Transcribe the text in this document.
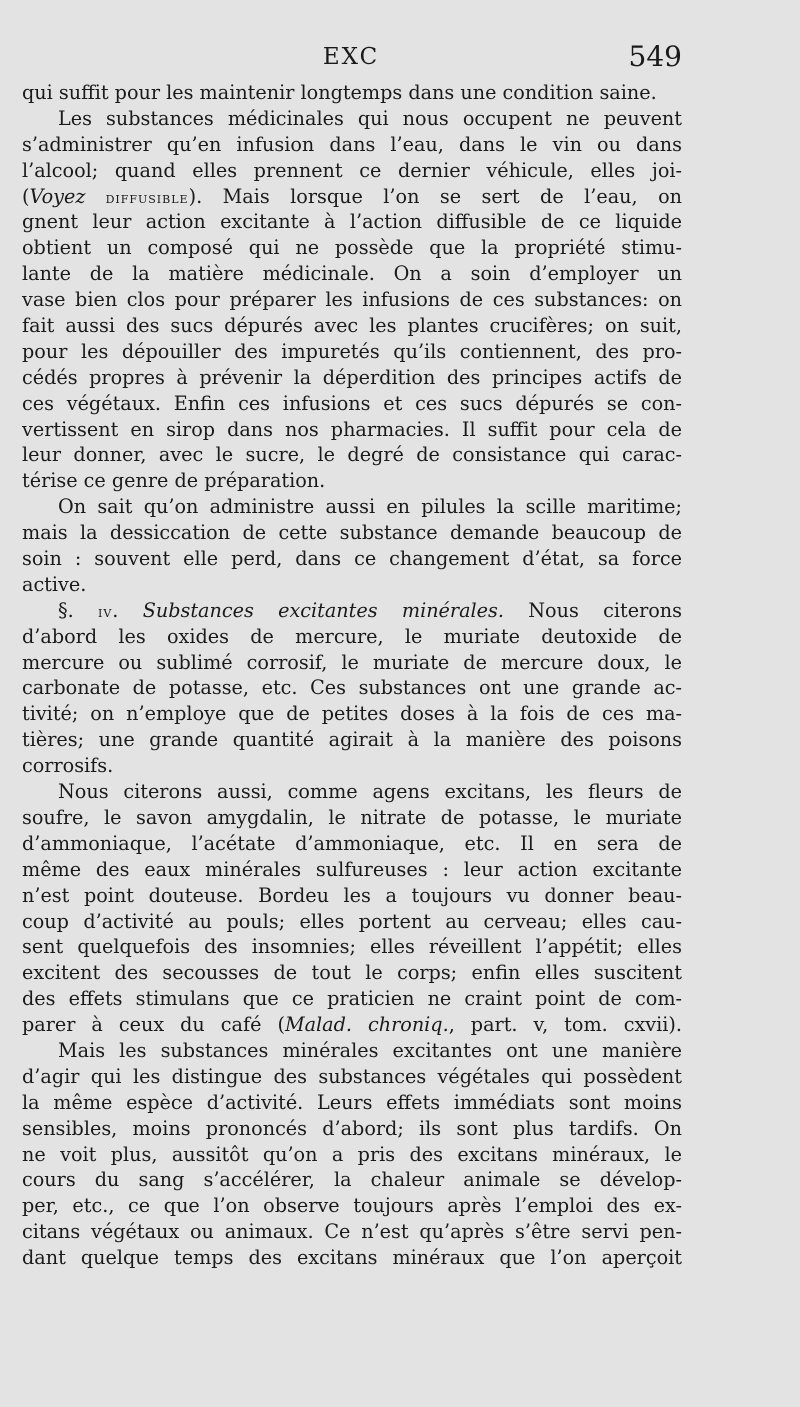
EXC	549
qui suffit pour les maintenir longtemps dans une condition saine.
Les substances médicinales qui nous occupent ne peuvent
s’administrer qu’en infusion dans l’eau, dans le vin ou dans
l’alcool; quand elles prennent ce dernier véhicule, elles joi-
(Voyez diffusible). Mais lorsque l’on se sert de l’eau, on
gnent leur action excitante à l’action diffusible de ce liquide
obtient un composé qui ne possède que la propriété stimu-
lante de la matière médicinale. On a soin d’employer un
vase bien clos pour préparer les infusions de ces substances: on
fait aussi des sucs dépurés avec les plantes crucifères; on suit,
pour les dépouiller des impuretés qu’ils contiennent, des pro-
cédés propres à prévenir la déperdition des principes actifs de
ces végétaux. Enfin ces infusions et ces sucs dépurés se con-
vertissent en sirop dans nos pharmacies. Il suffit pour cela de
leur donner, avec le sucre, le degré de consistance qui carac-
térise ce genre de préparation.
On sait qu’on administre aussi en pilules la scille maritime;
mais la dessiccation de cette substance demande beaucoup de
soin : souvent elle perd, dans ce changement d’état, sa force
active.
§. iv. Substances excitantes minérales. Nous citerons
d’abord les oxides de mercure, le muriate deutoxide de
mercure ou sublimé corrosif, le muriate de mercure doux, le
carbonate de potasse, etc. Ces substances ont une grande ac-
tivité; on n’employe que de petites doses à la fois de ces ma-
tières; une grande quantité agirait à la manière des poisons
corrosifs.
Nous citerons aussi, comme agens excitans, les fleurs de
soufre, le savon amygdalin, le nitrate de potasse, le muriate
d’ammoniaque, l’acétate d’ammoniaque, etc. Il en sera de
même des eaux minérales sulfureuses : leur action excitante
n’est point douteuse. Bordeu les a toujours vu donner beau-
coup d’activité au pouls; elles portent au cerveau; elles cau-
sent quelquefois des insomnies; elles réveillent l’appétit; elles
excitent des secousses de tout le corps; enfin elles suscitent
des effets stimulans que ce praticien ne craint point de com-
parer à ceux du café (Malad. chroniq., part. v, tom. cxvii).
Mais les substances minérales excitantes ont une manière
d’agir qui les distingue des substances végétales qui possèdent
la même espèce d’activité. Leurs effets immédiats sont moins
sensibles, moins prononcés d’abord; ils sont plus tardifs. On
ne voit plus, aussitôt qu’on a pris des excitans minéraux, le
cours du sang s’accélérer, la chaleur animale se dévelop-
per, etc., ce que l’on observe toujours après l’emploi des ex-
citans végétaux ou animaux. Ce n’est qu’après s’être servi pen-
dant quelque temps des excitans minéraux que l’on aperçoit
